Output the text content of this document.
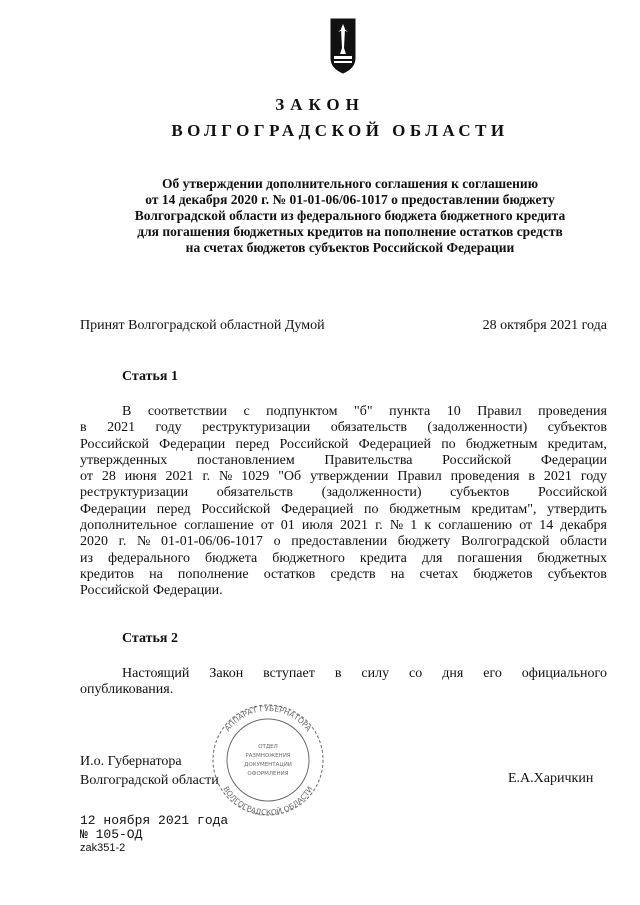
ЗАКОН
ВОЛГОГРАДСКОЙ ОБЛАСТИ
Об утверждении дополнительного соглашения к соглашению
от 14 декабря 2020 г. № 01-01-06/06-1017 о предоставлении бюджету
Волгоградской области из федерального бюджета бюджетного кредита
для погашения бюджетных кредитов на пополнение остатков средств
на счетах бюджетов субъектов Российской Федерации
Принят Волгоградской областной Думой	28 октября 2021 года
Статья 1
В соответствии с подпунктом "б" пункта 10 Правил проведения
в 2021 году реструктуризации обязательств (задолженности) субъектов
Российской Федерации перед Российской Федерацией по бюджетным кредитам,
утвержденных постановлением Правительства Российской Федерации
от 28 июня 2021 г. № 1029 "Об утверждении Правил проведения в 2021 году
реструктуризации обязательств (задолженности) субъектов Российской
Федерации перед Российской Федерацией по бюджетным кредитам", утвердить
дополнительное соглашение от 01 июля 2021 г. № 1 к соглашению от 14 декабря
2020 г. № 01-01-06/06-1017 о предоставлении бюджету Волгоградской области
из федерального бюджета бюджетного кредита для погашения бюджетных
кредитов на пополнение остатков средств на счетах бюджетов субъектов
Российской Федерации.
Статья 2
Настоящий Закон вступает в силу со дня его официального
опубликования.
АППАРАТ ГУБЕРНАТОРА
ВОЛГОГРАДСКОЙ ОБЛАСТИ
ОТДЕЛ
РАЗМНОЖЕНИЯ
ДОКУМЕНТАЦИИ
ОФОРМЛЕНИЯ
И.о. Губернатора
Волгоградской области	Е.А.Харичкин
12 ноября 2021 года
№ 105-ОД
zak351-2
